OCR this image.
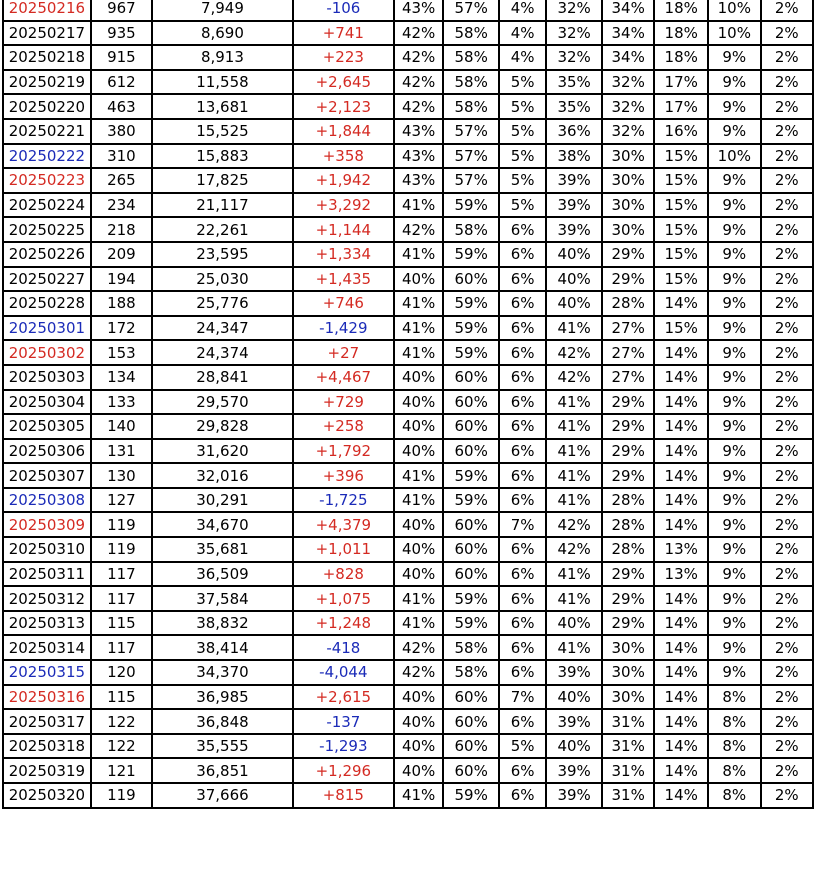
20250216	967	7,949	-106	43%	57%	4%	32%	34%	18%	10%	2%
20250217	935	8,690	+741	42%	58%	4%	32%	34%	18%	10%	2%
20250218	915	8,913	+223	42%	58%	4%	32%	34%	18%	9%	2%
20250219	612	11,558	+2,645	42%	58%	5%	35%	32%	17%	9%	2%
20250220	463	13,681	+2,123	42%	58%	5%	35%	32%	17%	9%	2%
20250221	380	15,525	+1,844	43%	57%	5%	36%	32%	16%	9%	2%
20250222	310	15,883	+358	43%	57%	5%	38%	30%	15%	10%	2%
20250223	265	17,825	+1,942	43%	57%	5%	39%	30%	15%	9%	2%
20250224	234	21,117	+3,292	41%	59%	5%	39%	30%	15%	9%	2%
20250225	218	22,261	+1,144	42%	58%	6%	39%	30%	15%	9%	2%
20250226	209	23,595	+1,334	41%	59%	6%	40%	29%	15%	9%	2%
20250227	194	25,030	+1,435	40%	60%	6%	40%	29%	15%	9%	2%
20250228	188	25,776	+746	41%	59%	6%	40%	28%	14%	9%	2%
20250301	172	24,347	-1,429	41%	59%	6%	41%	27%	15%	9%	2%
20250302	153	24,374	+27	41%	59%	6%	42%	27%	14%	9%	2%
20250303	134	28,841	+4,467	40%	60%	6%	42%	27%	14%	9%	2%
20250304	133	29,570	+729	40%	60%	6%	41%	29%	14%	9%	2%
20250305	140	29,828	+258	40%	60%	6%	41%	29%	14%	9%	2%
20250306	131	31,620	+1,792	40%	60%	6%	41%	29%	14%	9%	2%
20250307	130	32,016	+396	41%	59%	6%	41%	29%	14%	9%	2%
20250308	127	30,291	-1,725	41%	59%	6%	41%	28%	14%	9%	2%
20250309	119	34,670	+4,379	40%	60%	7%	42%	28%	14%	9%	2%
20250310	119	35,681	+1,011	40%	60%	6%	42%	28%	13%	9%	2%
20250311	117	36,509	+828	40%	60%	6%	41%	29%	13%	9%	2%
20250312	117	37,584	+1,075	41%	59%	6%	41%	29%	14%	9%	2%
20250313	115	38,832	+1,248	41%	59%	6%	40%	29%	14%	9%	2%
20250314	117	38,414	-418	42%	58%	6%	41%	30%	14%	9%	2%
20250315	120	34,370	-4,044	42%	58%	6%	39%	30%	14%	9%	2%
20250316	115	36,985	+2,615	40%	60%	7%	40%	30%	14%	8%	2%
20250317	122	36,848	-137	40%	60%	6%	39%	31%	14%	8%	2%
20250318	122	35,555	-1,293	40%	60%	5%	40%	31%	14%	8%	2%
20250319	121	36,851	+1,296	40%	60%	6%	39%	31%	14%	8%	2%
20250320	119	37,666	+815	41%	59%	6%	39%	31%	14%	8%	2%
